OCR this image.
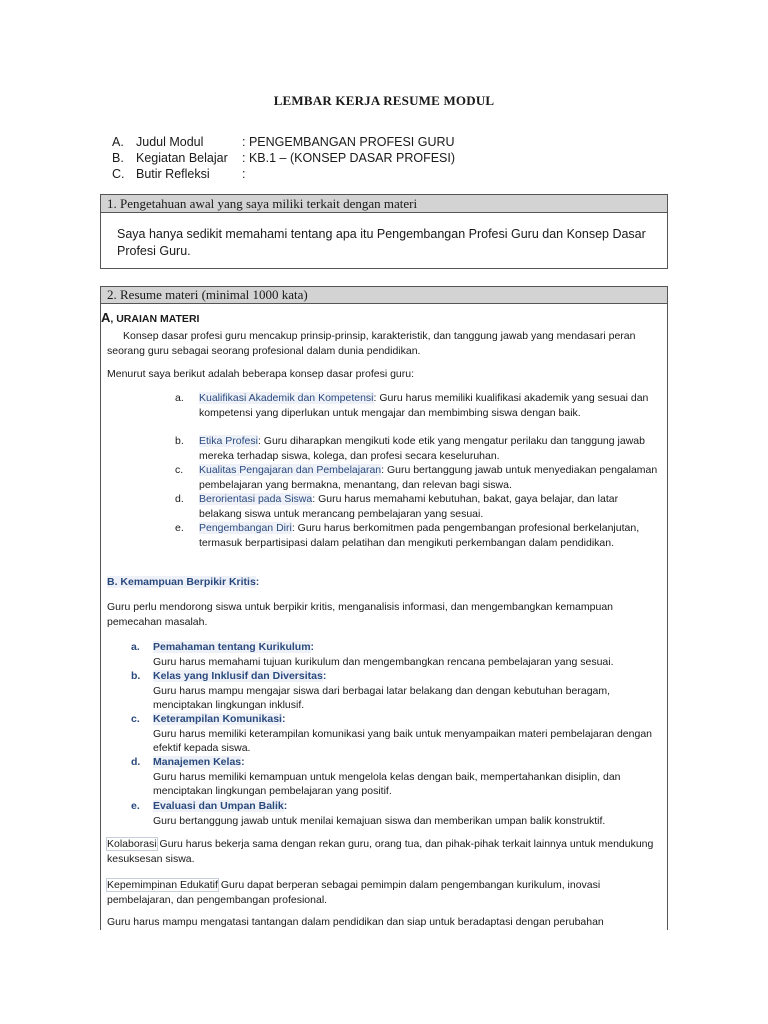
LEMBAR KERJA RESUME MODUL
A. Judul Modul	: PENGEMBANGAN PROFESI GURU
B. Kegiatan Belajar : KB.1 – (KONSEP DASAR PROFESI)
C. Butir Refleksi	:
1. Pengetahuan awal yang saya miliki terkait dengan materi
Saya hanya sedikit memahami tentang apa itu Pengembangan Profesi Guru dan Konsep Dasar Profesi Guru.
2. Resume materi (minimal 1000 kata)
A, URAIAN MATERI
Konsep dasar profesi guru mencakup prinsip-prinsip, karakteristik, dan tanggung jawab yang mendasari peran seorang guru sebagai seorang profesional dalam dunia pendidikan.
Menurut saya berikut adalah beberapa konsep dasar profesi guru:
a. Kualifikasi Akademik dan Kompetensi: Guru harus memiliki kualifikasi akademik yang sesuai dan kompetensi yang diperlukan untuk mengajar dan membimbing siswa dengan baik.
b. Etika Profesi: Guru diharapkan mengikuti kode etik yang mengatur perilaku dan tanggung jawab mereka terhadap siswa, kolega, dan profesi secara keseluruhan.
c. Kualitas Pengajaran dan Pembelajaran: Guru bertanggung jawab untuk menyediakan pengalaman pembelajaran yang bermakna, menantang, dan relevan bagi siswa.
d. Berorientasi pada Siswa: Guru harus memahami kebutuhan, bakat, gaya belajar, dan latar belakang siswa untuk merancang pembelajaran yang sesuai.
e. Pengembangan Diri: Guru harus berkomitmen pada pengembangan profesional berkelanjutan, termasuk berpartisipasi dalam pelatihan dan mengikuti perkembangan dalam pendidikan.
B. Kemampuan Berpikir Kritis:
Guru perlu mendorong siswa untuk berpikir kritis, menganalisis informasi, dan mengembangkan kemampuan pemecahan masalah.
a. Pemahaman tentang Kurikulum:
Guru harus memahami tujuan kurikulum dan mengembangkan rencana pembelajaran yang sesuai.
b. Kelas yang Inklusif dan Diversitas:
Guru harus mampu mengajar siswa dari berbagai latar belakang dan dengan kebutuhan beragam, menciptakan lingkungan inklusif.
c. Keterampilan Komunikasi:
Guru harus memiliki keterampilan komunikasi yang baik untuk menyampaikan materi pembelajaran dengan efektif kepada siswa.
d. Manajemen Kelas:
Guru harus memiliki kemampuan untuk mengelola kelas dengan baik, mempertahankan disiplin, dan menciptakan lingkungan pembelajaran yang positif.
e. Evaluasi dan Umpan Balik:
Guru bertanggung jawab untuk menilai kemajuan siswa dan memberikan umpan balik konstruktif.
Kolaborasi Guru harus bekerja sama dengan rekan guru, orang tua, dan pihak-pihak terkait lainnya untuk mendukung kesuksesan siswa.
Kepemimpinan Edukatif Guru dapat berperan sebagai pemimpin dalam pengembangan kurikulum, inovasi pembelajaran, dan pengembangan profesional.
Guru harus mampu mengatasi tantangan dalam pendidikan dan siap untuk beradaptasi dengan perubahan
